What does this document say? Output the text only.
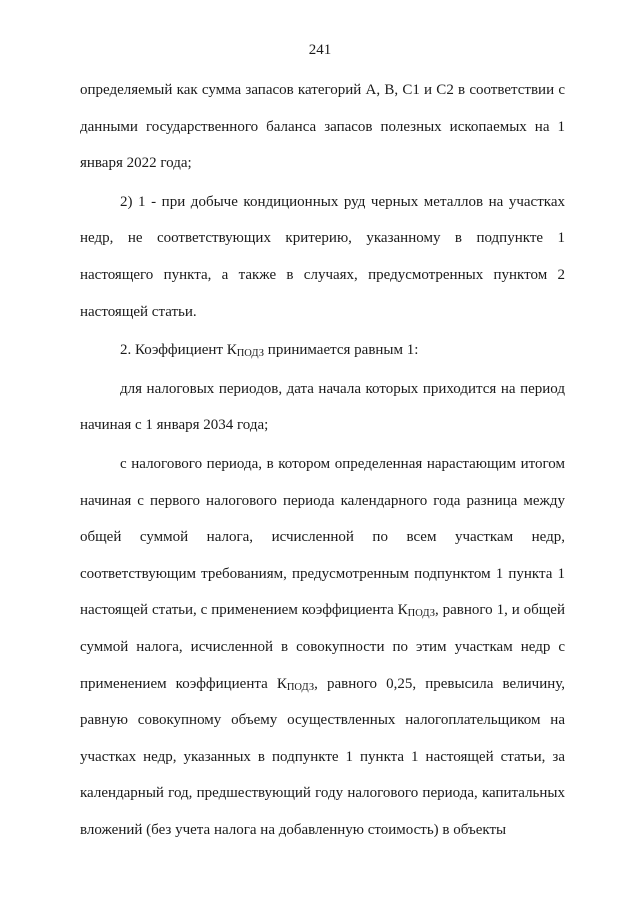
241

определяемый как сумма запасов категорий A, B, C1 и C2 в соответствии с данными государственного баланса запасов полезных ископаемых на 1 января 2022 года;

2) 1 - при добыче кондиционных руд черных металлов на участках недр, не соответствующих критерию, указанному в подпункте 1 настоящего пункта, а также в случаях, предусмотренных пунктом 2 настоящей статьи.

2. Коэффициент КПОДЗ принимается равным 1:

для налоговых периодов, дата начала которых приходится на период начиная с 1 января 2034 года;

с налогового периода, в котором определенная нарастающим итогом начиная с первого налогового периода календарного года разница между общей суммой налога, исчисленной по всем участкам недр, соответствующим требованиям, предусмотренным подпунктом 1 пункта 1 настоящей статьи, с применением коэффициента КПОДЗ, равного 1, и общей суммой налога, исчисленной в совокупности по этим участкам недр с применением коэффициента КПОДЗ, равного 0,25, превысила величину, равную совокупному объему осуществленных налогоплательщиком на участках недр, указанных в подпункте 1 пункта 1 настоящей статьи, за календарный год, предшествующий году налогового периода, капитальных вложений (без учета налога на добавленную стоимость) в объекты
